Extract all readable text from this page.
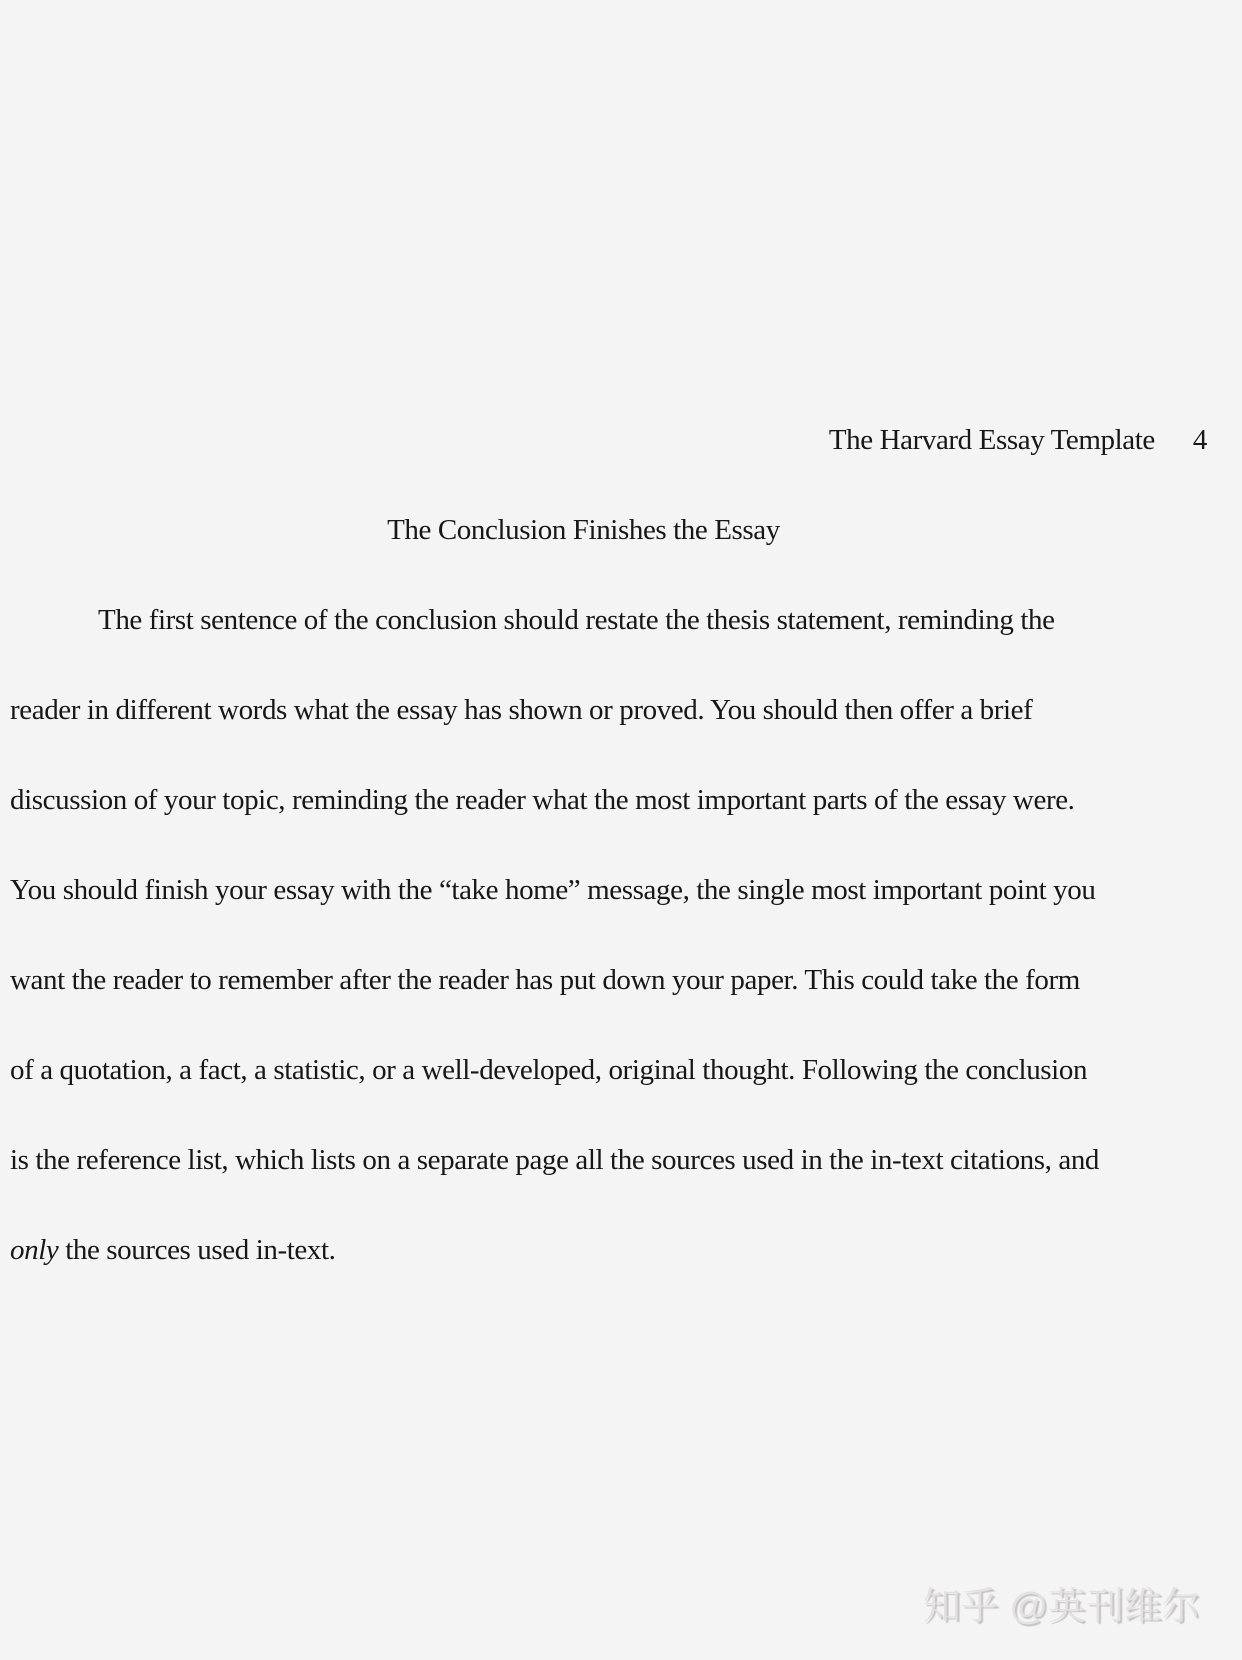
The Harvard Essay Template 4
The Conclusion Finishes the Essay
The first sentence of the conclusion should restate the thesis statement, reminding the
reader in different words what the essay has shown or proved. You should then offer a brief
discussion of your topic, reminding the reader what the most important parts of the essay were.
You should finish your essay with the “take home” message, the single most important point you
want the reader to remember after the reader has put down your paper. This could take the form
of a quotation, a fact, a statistic, or a well-developed, original thought. Following the conclusion
is the reference list, which lists on a separate page all the sources used in the in-text citations, and
only the sources used in-text.
知乎 @英刊维尔
